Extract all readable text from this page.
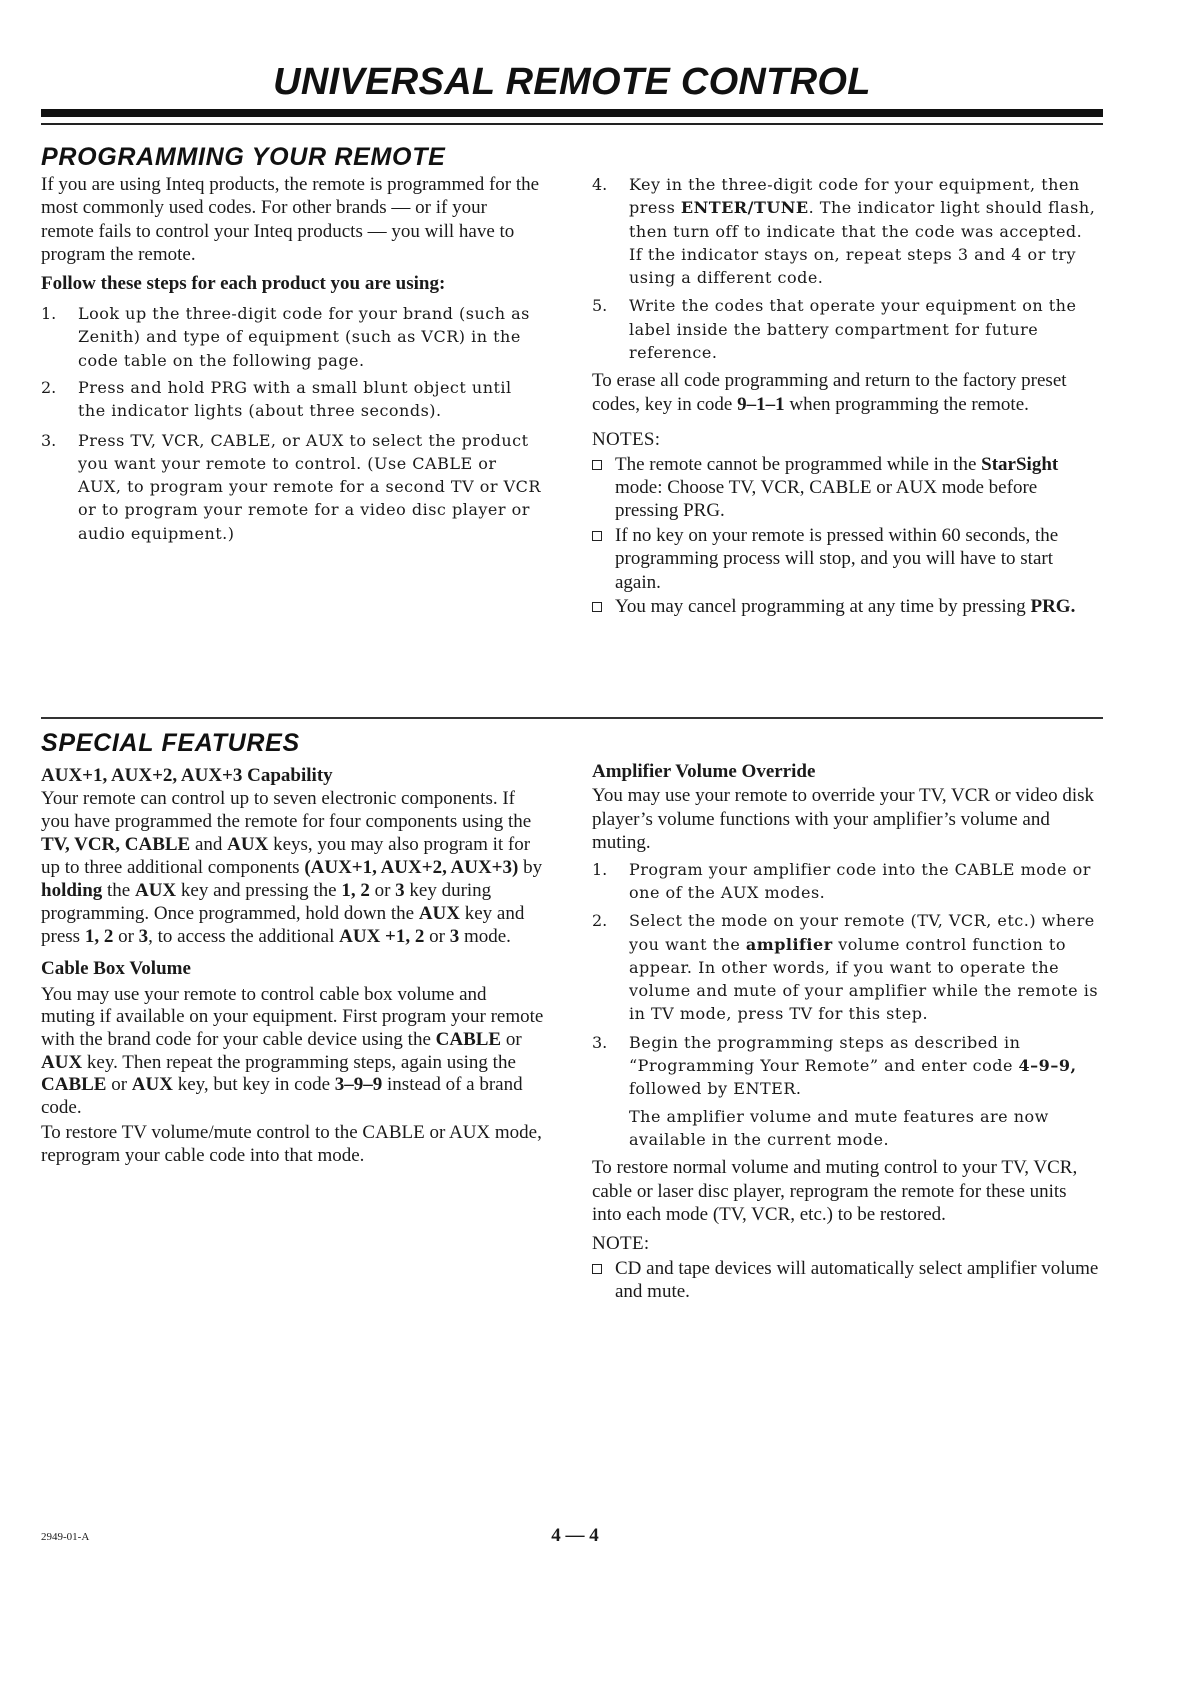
UNIVERSAL REMOTE CONTROL
PROGRAMMING YOUR REMOTE

If you are using Inteq products, the remote is programmed for the most commonly used codes. For other brands — or if your remote fails to control your Inteq products — you will have to program the remote.

Follow these steps for each product you are using:

1.	Look up the three-digit code for your brand (such as Zenith) and type of equipment (such as VCR) in the code table on the following page.
2.	Press and hold PRG with a small blunt object until the indicator lights (about three seconds).
3.	Press TV, VCR, CABLE, or AUX to select the product you want your remote to control. (Use CABLE or AUX, to program your remote for a second TV or VCR or to program your remote for a video disc player or audio equipment.)
4.	Key in the three-digit code for your equipment, then press ENTER/TUNE. The indicator light should flash, then turn off to indicate that the code was accepted. If the indicator stays on, repeat steps 3 and 4 or try using a different code.
5.	Write the codes that operate your equipment on the label inside the battery compartment for future reference.

To erase all code programming and return to the factory preset codes, key in code 9–1–1 when programming the remote.

NOTES:

The remote cannot be programmed while in the StarSight mode: Choose TV, VCR, CABLE or AUX mode before pressing PRG.
If no key on your remote is pressed within 60 seconds, the programming process will stop, and you will have to start again.
You may cancel programming at any time by pressing PRG.
SPECIAL FEATURES

AUX+1, AUX+2, AUX+3 Capability

Your remote can control up to seven electronic components. If you have programmed the remote for four components using the TV, VCR, CABLE and AUX keys, you may also program it for up to three additional components (AUX+1, AUX+2, AUX+3) by holding the AUX key and pressing the 1, 2 or 3 key during programming. Once programmed, hold down the AUX key and press 1, 2 or 3, to access the additional AUX +1, 2 or 3 mode.

Cable Box Volume

You may use your remote to control cable box volume and muting if available on your equipment. First program your remote with the brand code for your cable device using the CABLE or AUX key. Then repeat the programming steps, again using the CABLE or AUX key, but key in code 3–9–9 instead of a brand code.

To restore TV volume/mute control to the CABLE or AUX mode, reprogram your cable code into that mode.

Amplifier Volume Override

You may use your remote to override your TV, VCR or video disk player’s volume functions with your amplifier’s volume and muting.

1.	Program your amplifier code into the CABLE mode or one of the AUX modes.
2.	Select the mode on your remote (TV, VCR, etc.) where you want the amplifier volume control function to appear. In other words, if you want to operate the volume and mute of your amplifier while the remote is in TV mode, press TV for this step.
3.	Begin the programming steps as described in “Programming Your Remote” and enter code 4–9–9, followed by ENTER.

The amplifier volume and mute features are now available in the current mode.

To restore normal volume and muting control to your TV, VCR, cable or laser disc player, reprogram the remote for these units into each mode (TV, VCR, etc.) to be restored.

NOTE:

CD and tape devices will automatically select amplifier volume and mute.
2949-01-A	4 — 4
